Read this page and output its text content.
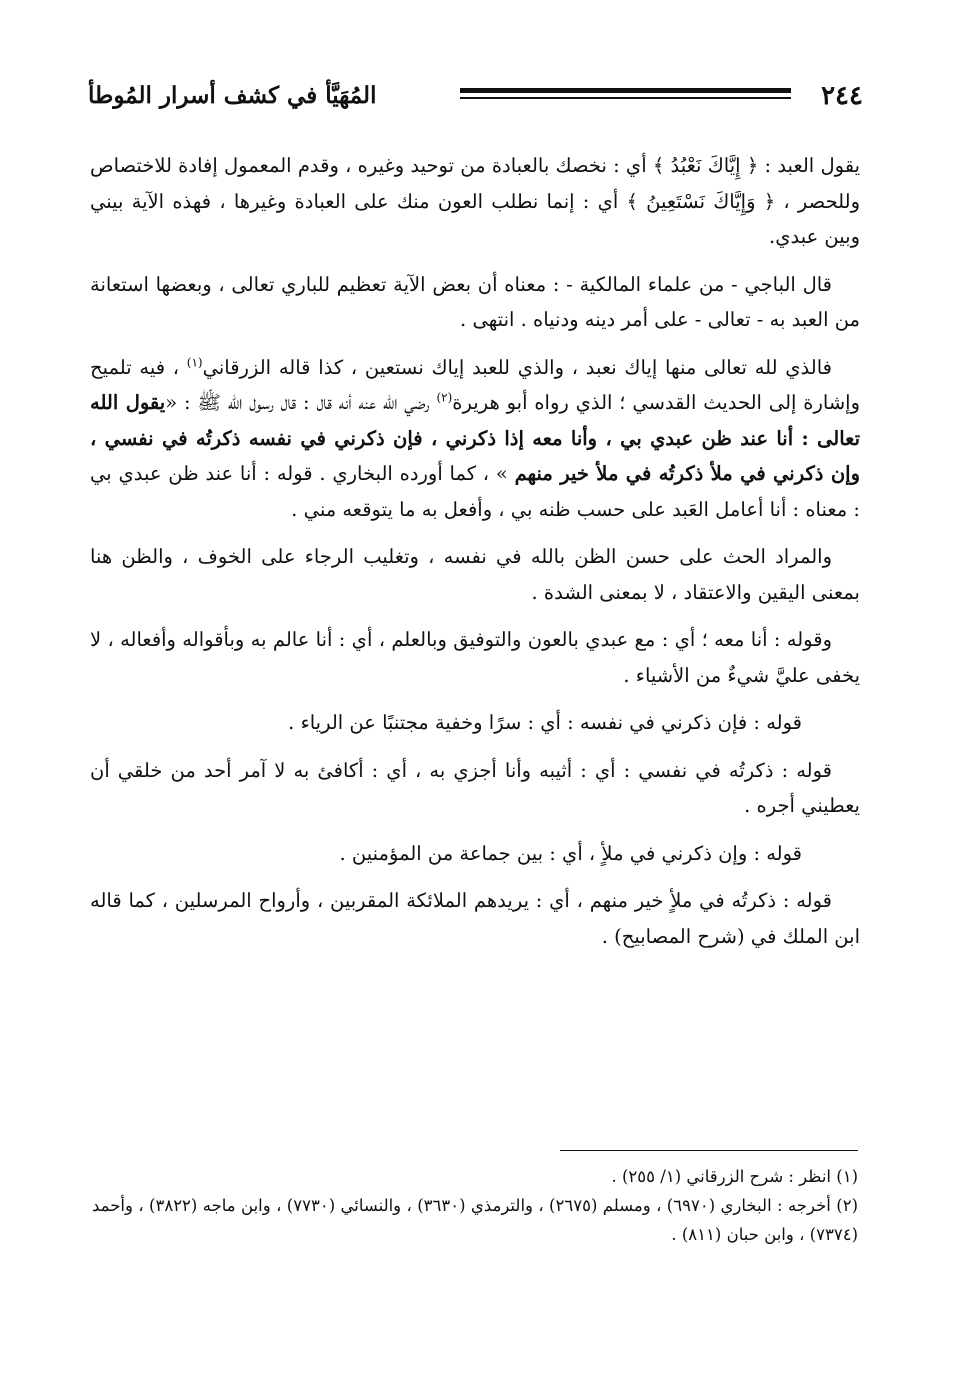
٢٤٤
المُهَيَّأ في كشف أسرار المُوطأ

يقول العبد : ﴿ إِيَّاكَ نَعْبُدُ ﴾ أي : نخصك بالعبادة من توحيد وغيره ، وقدم المعمول إفادة للاختصاص وللحصر ، ﴿ وَإِيَّاكَ نَسْتَعِينُ ﴾ أي : إنما نطلب العون منك على العبادة وغيرها ، فهذه الآية بيني وبين عبدي.

قال الباجي - من علماء المالكية - : معناه أن بعض الآية تعظيم للباري تعالى ، وبعضها استعانة من العبد به - تعالى - على أمر دينه ودنياه . انتهى .

فالذي لله تعالى منها إياك نعبد ، والذي للعبد إياك نستعين ، كذا قاله الزرقاني$^{(١)}$ ، فيه تلميح وإشارة إلى الحديث القدسي ؛ الذي رواه أبو هريرة$^{(٢)}$ رضي الله عنه أنه قال : قال رسول الله ﷺ : «يقول الله تعالى : أنا عند ظن عبدي بي ، وأنا معه إذا ذكرني ، فإن ذكرني في نفسه ذكرتُه في نفسي ، وإن ذكرني في ملأ ذكرتُه في ملأ خير منهم » ، كما أورده البخاري . قوله : أنا عند ظن عبدي بي : معناه : أنا أعامل العَبد على حسب ظنه بي ، وأفعل به ما يتوقعه مني .

والمراد الحث على حسن الظن بالله في نفسه ، وتغليب الرجاء على الخوف ، والظن هنا بمعنى اليقين والاعتقاد ، لا بمعنى الشدة .

وقوله : أنا معه ؛ أي : مع عبدي بالعون والتوفيق وبالعلم ، أي : أنا عالم به وبأقواله وأفعاله ، لا يخفى عليَّ شيءٌ من الأشياء .

قوله : فإن ذكرني في نفسه : أي : سرًا وخفية مجتنبًا عن الرياء .

قوله : ذكرتُه في نفسي : أي : أثيبه وأنا أجزي به ، أي : أكافئ به لا آمر أحد من خلقي أن يعطيني أجره .

قوله : وإن ذكرني في ملأٍ ، أي : بين جماعة من المؤمنين .

قوله : ذكرتُه في ملأٍ خير منهم ، أي : يريدهم الملائكة المقربين ، وأرواح المرسلين ، كما قاله ابن الملك في (شرح المصابيح) .

(١) انظر : شرح الزرقاني (١/ ٢٥٥) .

(٢) أخرجه : البخاري (٦٩٧٠) ، ومسلم (٢٦٧٥) ، والترمذي (٣٦٣٠) ، والنسائي (٧٧٣٠) ، وابن ماجه (٣٨٢٢) ، وأحمد (٧٣٧٤) ، وابن حبان (٨١١) .
